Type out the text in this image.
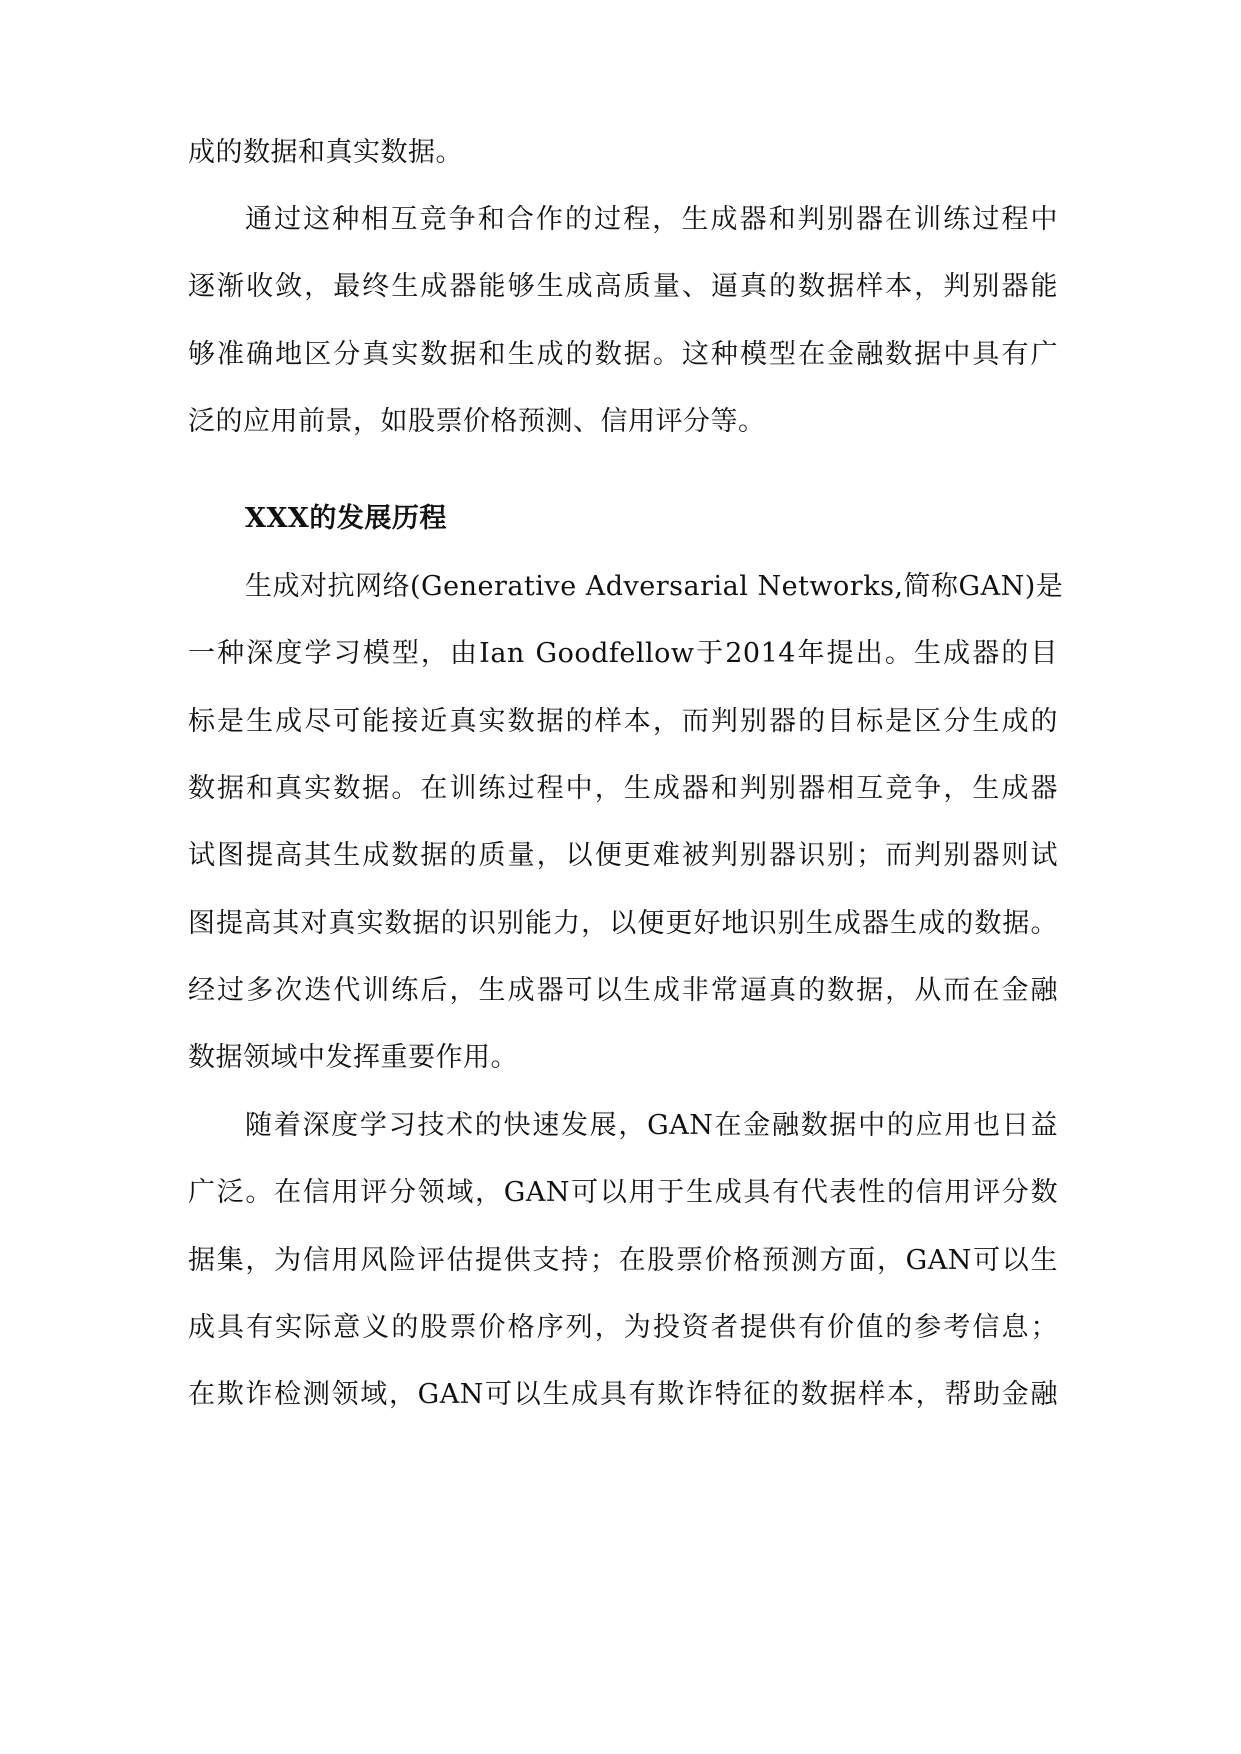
成的数据和真实数据。
通过这种相互竞争和合作的过程，生成器和判别器在训练过程中
逐渐收敛，最终生成器能够生成高质量、逼真的数据样本，判别器能
够准确地区分真实数据和生成的数据。这种模型在金融数据中具有广
泛的应用前景，如股票价格预测、信用评分等。
XXX的发展历程
生成对抗网络(Generative Adversarial Networks,简称GAN)是
一种深度学习模型，由Ian Goodfellow于2014年提出。生成器的目
标是生成尽可能接近真实数据的样本，而判别器的目标是区分生成的
数据和真实数据。在训练过程中，生成器和判别器相互竞争，生成器
试图提高其生成数据的质量，以便更难被判别器识别；而判别器则试
图提高其对真实数据的识别能力，以便更好地识别生成器生成的数据。
经过多次迭代训练后，生成器可以生成非常逼真的数据，从而在金融
数据领域中发挥重要作用。
随着深度学习技术的快速发展，GAN在金融数据中的应用也日益
广泛。在信用评分领域，GAN可以用于生成具有代表性的信用评分数
据集，为信用风险评估提供支持；在股票价格预测方面，GAN可以生
成具有实际意义的股票价格序列，为投资者提供有价值的参考信息；
在欺诈检测领域，GAN可以生成具有欺诈特征的数据样本，帮助金融
